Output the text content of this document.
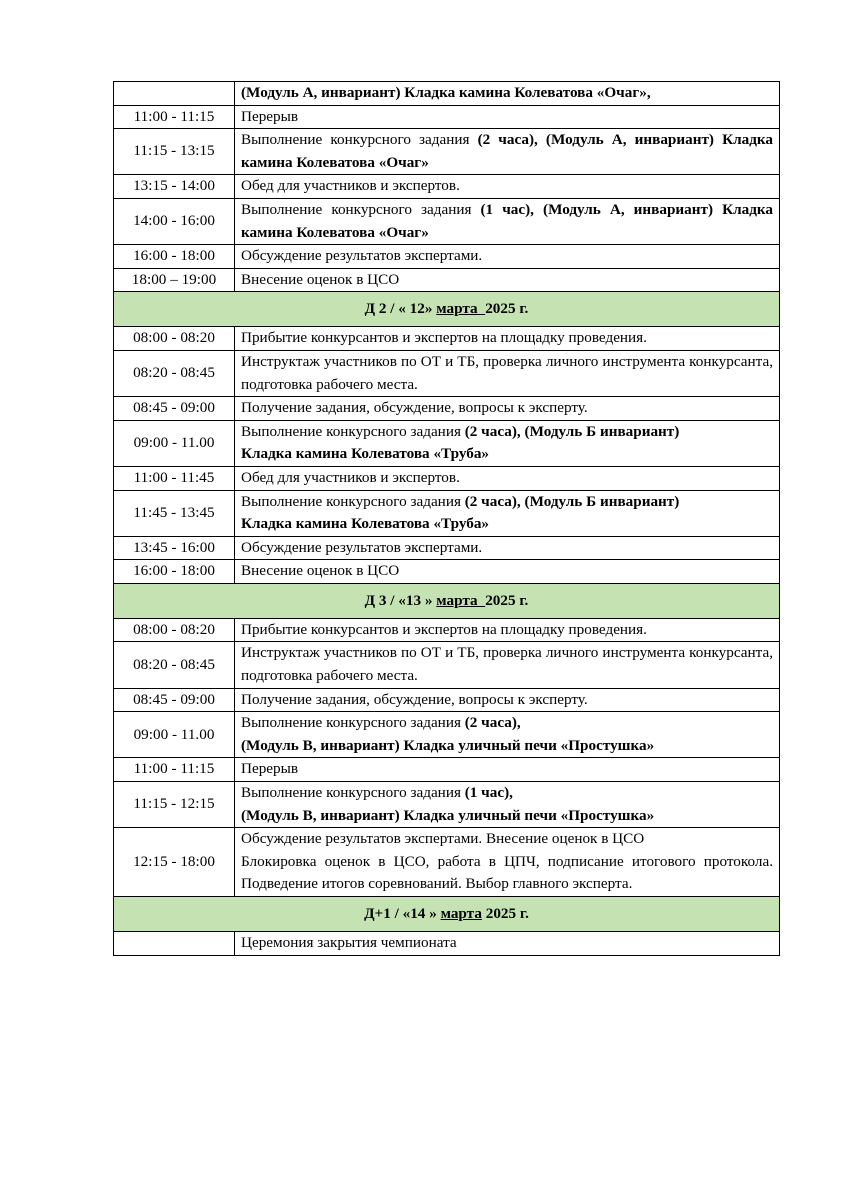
	(Модуль А, инвариант) Кладка камина Колеватова «Очаг»,
11:00 - 11:15	Перерыв
11:15 - 13:15	Выполнение конкурсного задания (2 часа), (Модуль А, инвариант) Кладка камина Колеватова «Очаг»
13:15 - 14:00	Обед для участников и экспертов.
14:00 - 16:00	Выполнение конкурсного задания (1 час), (Модуль А, инвариант) Кладка камина Колеватова «Очаг»
16:00 - 18:00	Обсуждение результатов экспертами.
18:00 – 19:00	Внесение оценок в ЦСО
Д 2 / « 12» марта  2025 г.	
08:00 - 08:20	Прибытие конкурсантов и экспертов на площадку проведения.
08:20 - 08:45	Инструктаж участников по ОТ и ТБ, проверка личного инструмента конкурсанта, подготовка рабочего места.
08:45 - 09:00	Получение задания, обсуждение, вопросы к эксперту.
09:00 - 11.00	Выполнение конкурсного задания (2 часа), (Модуль Б инвариант)
Кладка камина Колеватова «Труба»

11:00 - 11:45	Обед для участников и экспертов.
11:45 - 13:45	Выполнение конкурсного задания (2 часа), (Модуль Б инвариант)
Кладка камина Колеватова «Труба»

13:45 - 16:00	Обсуждение результатов экспертами.
16:00 - 18:00	Внесение оценок в ЦСО
Д 3 / «13 » марта  2025 г.	
08:00 - 08:20	Прибытие конкурсантов и экспертов на площадку проведения.
08:20 - 08:45	Инструктаж участников по ОТ и ТБ, проверка личного инструмента конкурсанта, подготовка рабочего места.
08:45 - 09:00	Получение задания, обсуждение, вопросы к эксперту.
09:00 - 11.00	Выполнение конкурсного задания (2 часа),
(Модуль В, инвариант) Кладка уличный печи «Простушка»

11:00 - 11:15	Перерыв
11:15 - 12:15	Выполнение конкурсного задания (1 час),
(Модуль В, инвариант) Кладка уличный печи «Простушка»

12:15 - 18:00	Обсуждение результатов экспертами. Внесение оценок в ЦСО
Блокировка оценок в ЦСО, работа в ЦПЧ, подписание итогового протокола. Подведение итогов соревнований. Выбор главного эксперта.

Д+1 / «14 » марта 2025 г.	
	Церемония закрытия чемпионата
